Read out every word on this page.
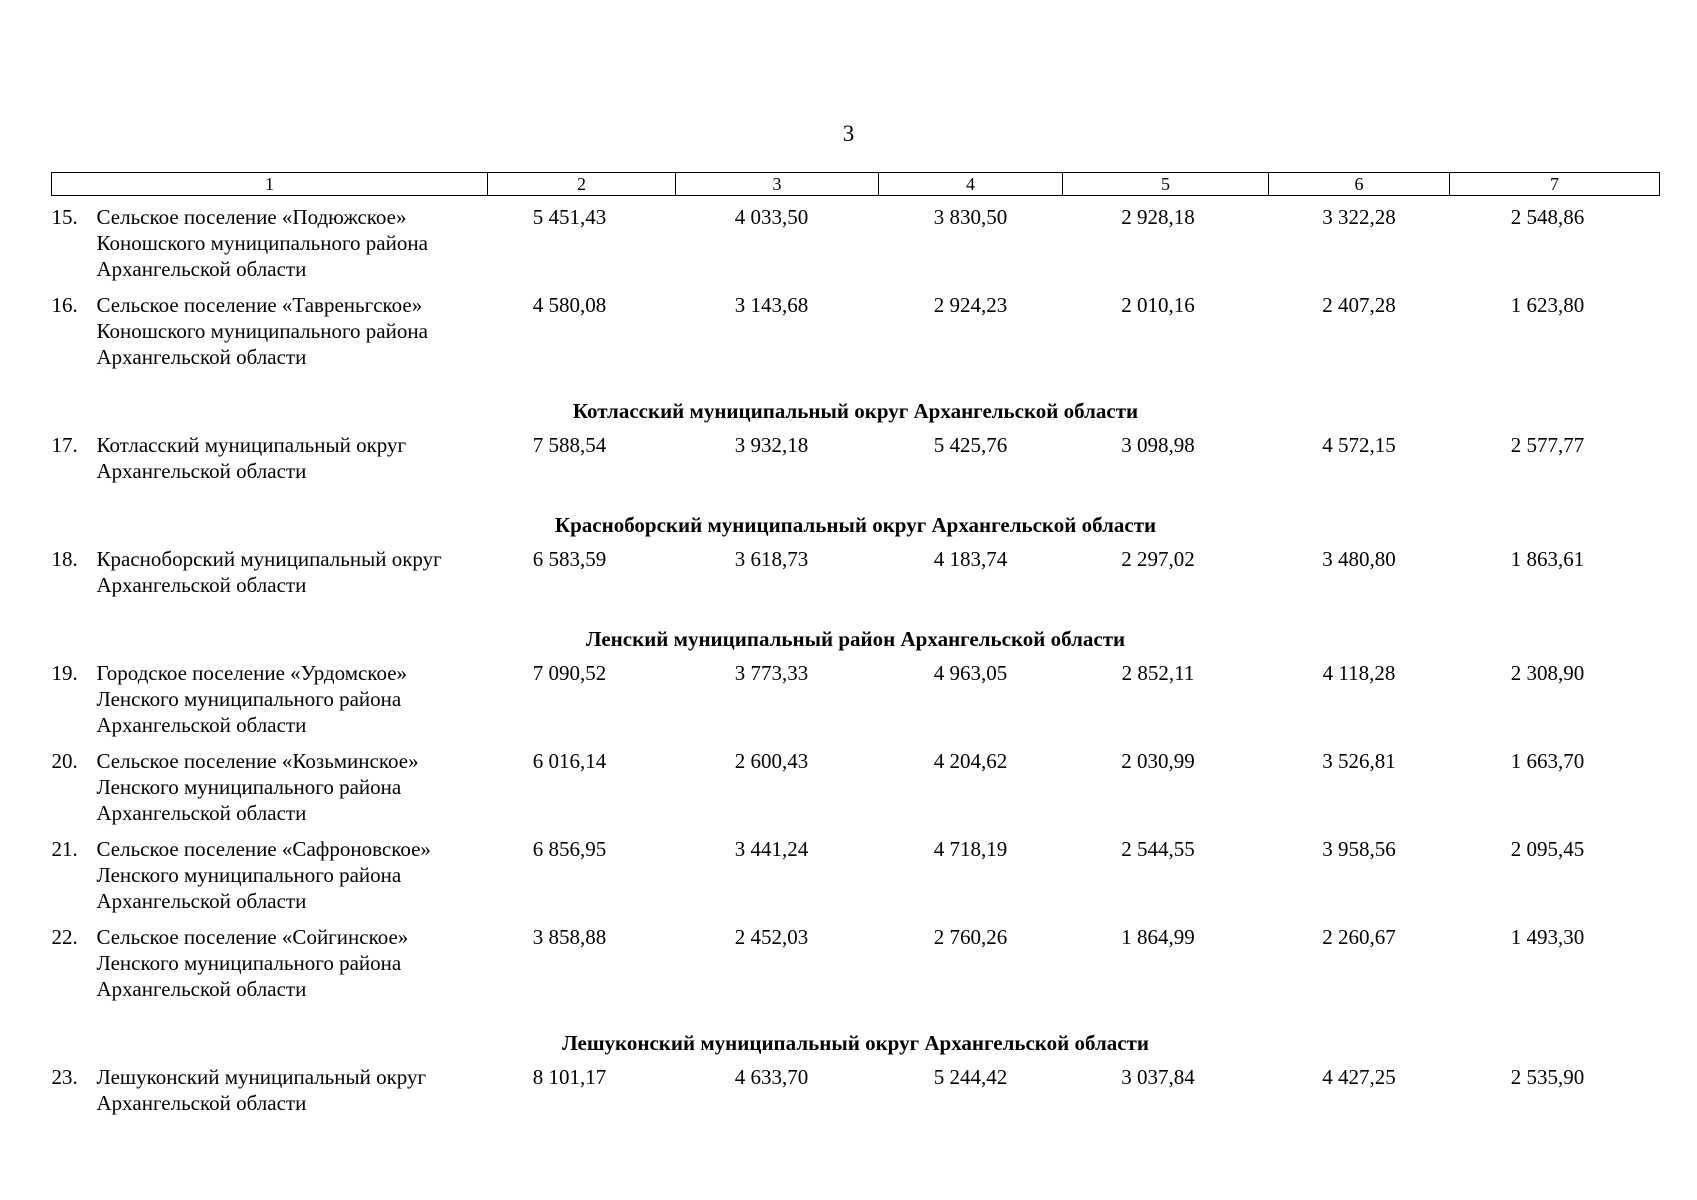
3
1	2	3	4	5	6	7

15. Сельское поселение «Подюжское»
Коношского муниципального района
Архангельской области	5 451,43	4 033,50	3 830,50	2 928,18	3 322,28	2 548,86

16. Сельское поселение «Тавреньгское»
Коношского муниципального района
Архангельской области	4 580,08	3 143,68	2 924,23	2 010,16	2 407,28	1 623,80
Котласский муниципальный округ Архангельской области						

17. Котласский муниципальный округ
Архангельской области	7 588,54	3 932,18	5 425,76	3 098,98	4 572,15	2 577,77
Красноборский муниципальный округ Архангельской области						

18. Красноборский муниципальный округ
Архангельской области	6 583,59	3 618,73	4 183,74	2 297,02	3 480,80	1 863,61
Ленский муниципальный район Архангельской области						

19. Городское поселение «Урдомское»
Ленского муниципального района
Архангельской области	7 090,52	3 773,33	4 963,05	2 852,11	4 118,28	2 308,90

20. Сельское поселение «Козьминское»
Ленского муниципального района
Архангельской области	6 016,14	2 600,43	4 204,62	2 030,99	3 526,81	1 663,70

21. Сельское поселение «Сафроновское»
Ленского муниципального района
Архангельской области	6 856,95	3 441,24	4 718,19	2 544,55	3 958,56	2 095,45

22. Сельское поселение «Сойгинское»
Ленского муниципального района
Архангельской области	3 858,88	2 452,03	2 760,26	1 864,99	2 260,67	1 493,30
Лешуконский муниципальный округ Архангельской области						

23. Лешуконский муниципальный округ
Архангельской области	8 101,17	4 633,70	5 244,42	3 037,84	4 427,25	2 535,90
